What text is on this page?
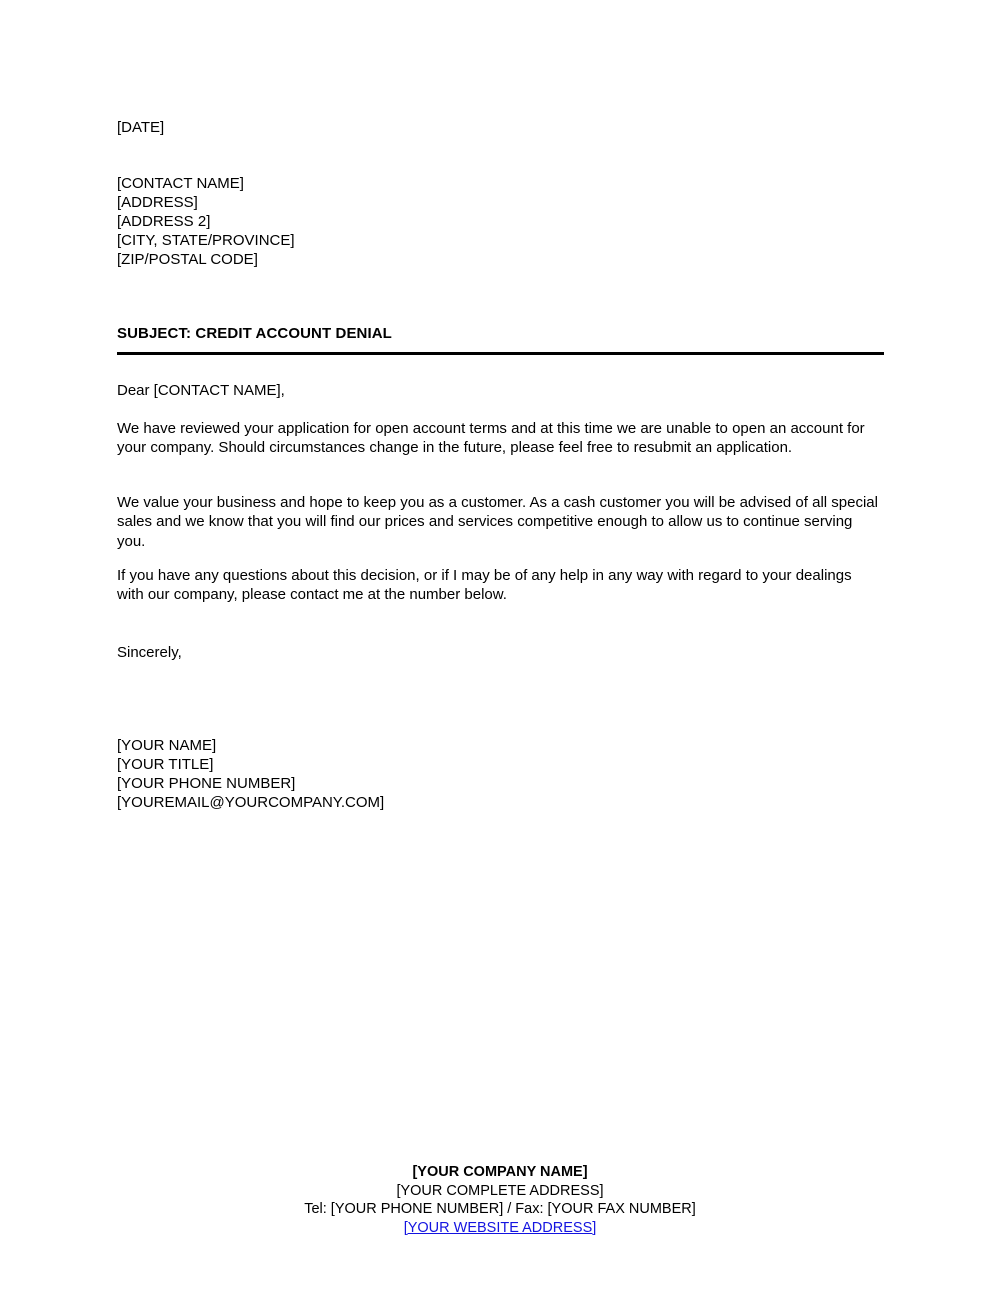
[DATE]
[CONTACT NAME]
[ADDRESS]
[ADDRESS 2]
[CITY, STATE/PROVINCE]
[ZIP/POSTAL CODE]
SUBJECT: CREDIT ACCOUNT DENIAL
Dear [CONTACT NAME],
We have reviewed your application for open account terms and at this time we are unable to open an account for your company. Should circumstances change in the future, please feel free to resubmit an application.
We value your business and hope to keep you as a customer. As a cash customer you will be advised of all special sales and we know that you will find our prices and services competitive enough to allow us to continue serving you.
If you have any questions about this decision, or if I may be of any help in any way with regard to your dealings with our company, please contact me at the number below.
Sincerely,
[YOUR NAME]
[YOUR TITLE]
[YOUR PHONE NUMBER]
[YOUREMAIL@YOURCOMPANY.COM]
[YOUR COMPANY NAME]
[YOUR COMPLETE ADDRESS]
Tel: [YOUR PHONE NUMBER] / Fax: [YOUR FAX NUMBER]
[YOUR WEBSITE ADDRESS]
